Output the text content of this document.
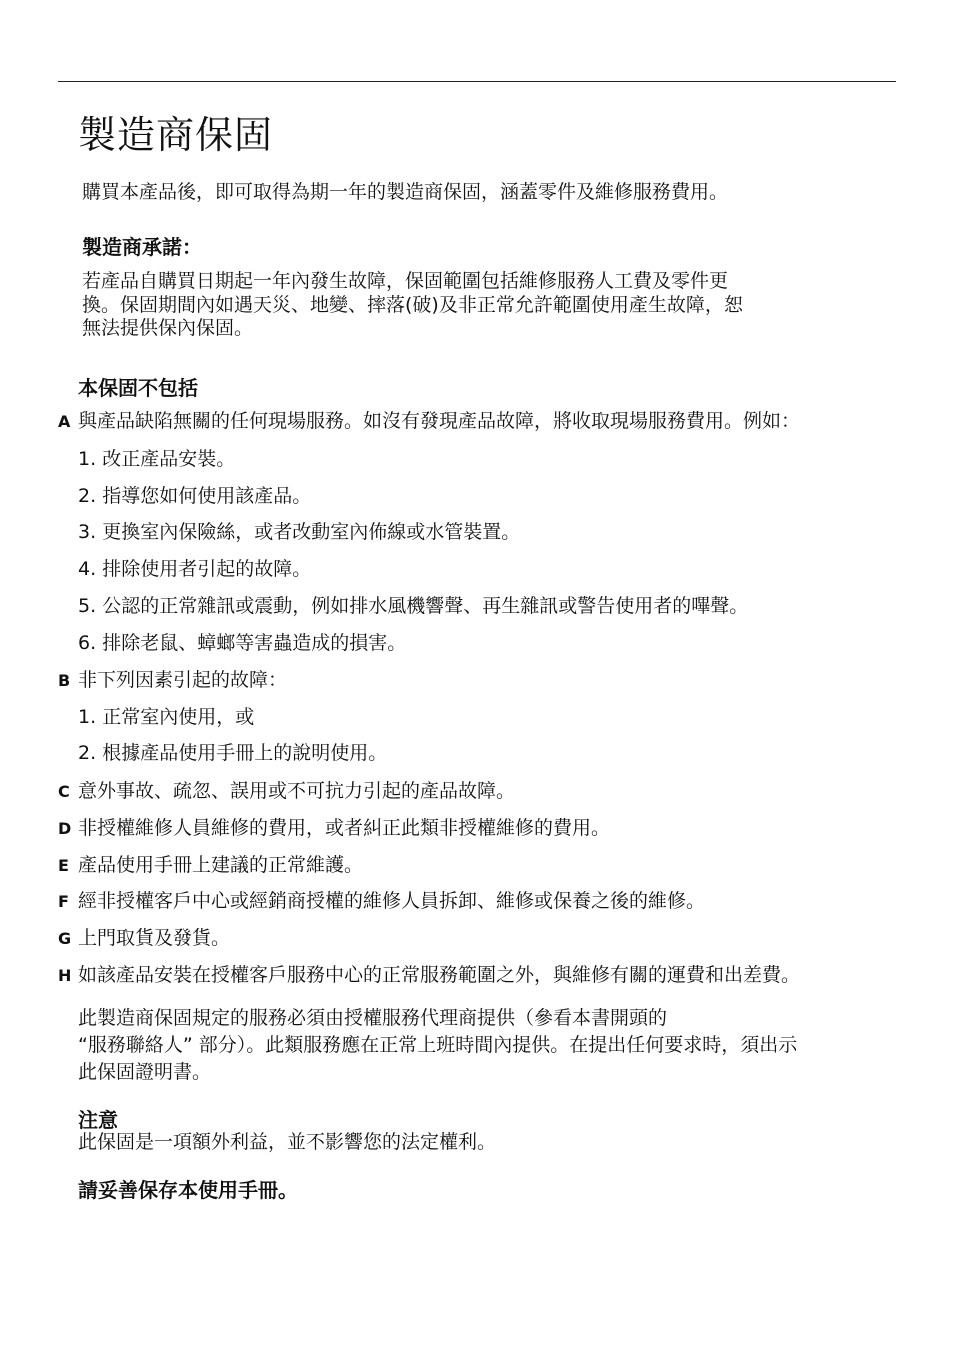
製造商保固

購買本產品後，即可取得為期一年的製造商保固，涵蓋零件及維修服務費用。

製造商承諾：
若產品自購買日期起一年內發生故障，保固範圍包括維修服務人工費及零件更
換。保固期間內如遇天災、地變、摔落(破)及非正常允許範圍使用產生故障，恕
無法提供保內保固。
本保固不包括
A 與產品缺陷無關的任何現場服務。如沒有發現產品故障，將收取現場服務費用。例如：
1. 改正產品安裝。
2. 指導您如何使用該產品。
3. 更換室內保險絲，或者改動室內佈線或水管裝置。
4. 排除使用者引起的故障。
5. 公認的正常雜訊或震動，例如排水風機響聲、再生雜訊或警告使用者的嗶聲。
6. 排除老鼠、蟑螂等害蟲造成的損害。
B 非下列因素引起的故障：
1. 正常室內使用，或
2. 根據產品使用手冊上的說明使用。
C 意外事故、疏忽、誤用或不可抗力引起的產品故障。
D 非授權維修人員維修的費用，或者糾正此類非授權維修的費用。
E 產品使用手冊上建議的正常維護。
F 經非授權客戶中心或經銷商授權的維修人員拆卸、維修或保養之後的維修。
G 上門取貨及發貨。
H 如該產品安裝在授權客戶服務中心的正常服務範圍之外，與維修有關的運費和出差費。
此製造商保固規定的服務必須由授權服務代理商提供（參看本書開頭的
“服務聯絡人” 部分）。此類服務應在正常上班時間內提供。在提出任何要求時，須出示
此保固證明書。
注意

此保固是一項額外利益，並不影響您的法定權利。

請妥善保存本使用手冊。
